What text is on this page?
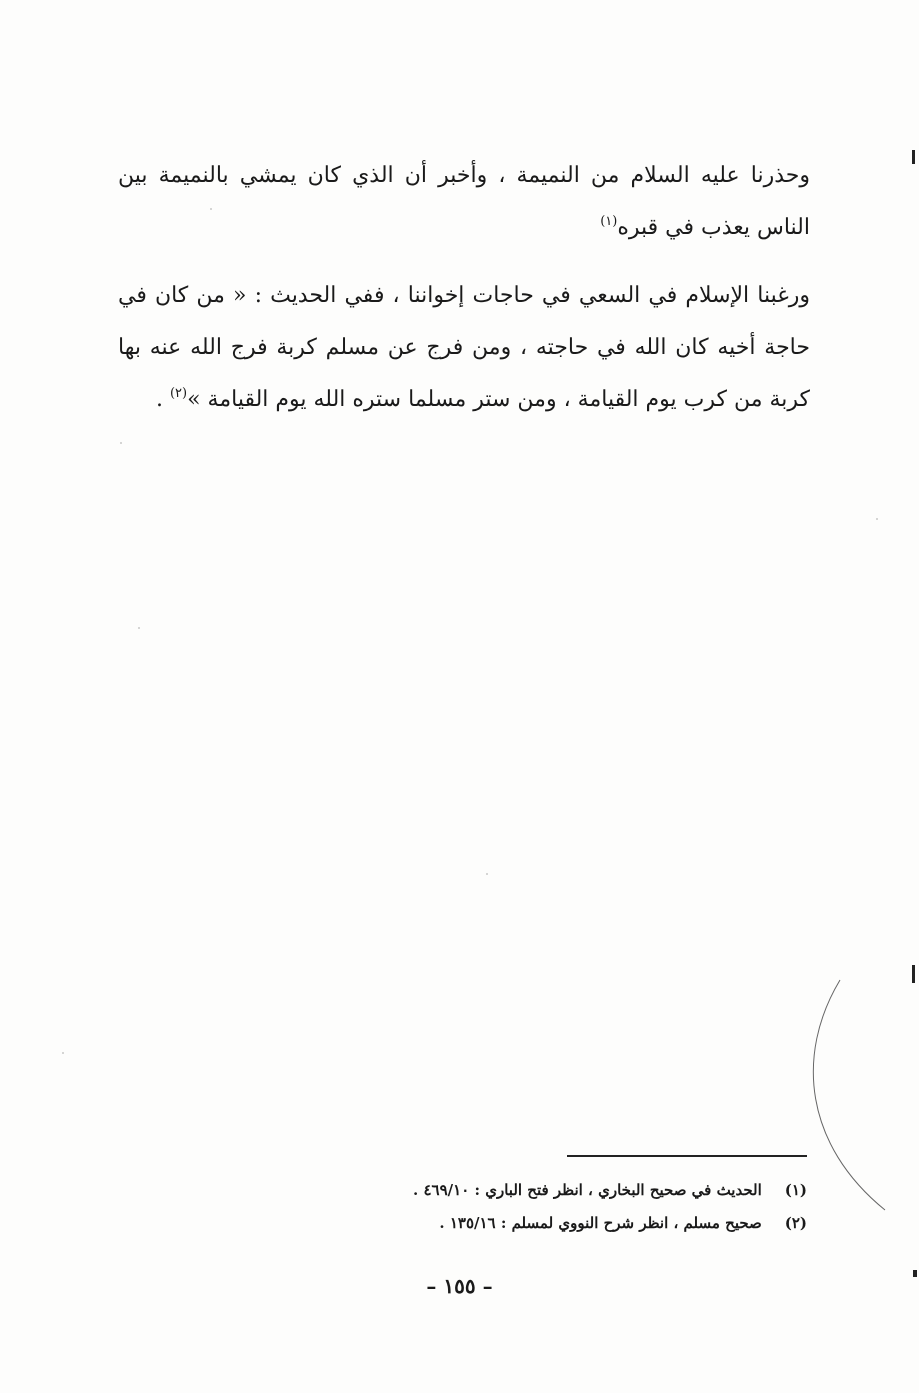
وحذرنا عليه السلام من النميمة ، وأخبر أن الذي كان يمشي بالنميمة بين الناس يعذب في قبره$^{(١)}$

ورغبنا الإسلام في السعي في حاجات إخواننا ، ففي الحديث : « من كان في حاجة أخيه كان الله في حاجته ، ومن فرج عن مسلم كربة فرج الله عنه بها كربة من كرب يوم القيامة ، ومن ستر مسلما ستره الله يوم القيامة »$^{(٢)}$ .

(١) الحديث في صحيح البخاري ، انظر فتح الباري : ٤٦٩/١٠ .
(٢) صحيح مسلم ، انظر شرح النووي لمسلم : ١٣٥/١٦ .
– ١٥٥ –
